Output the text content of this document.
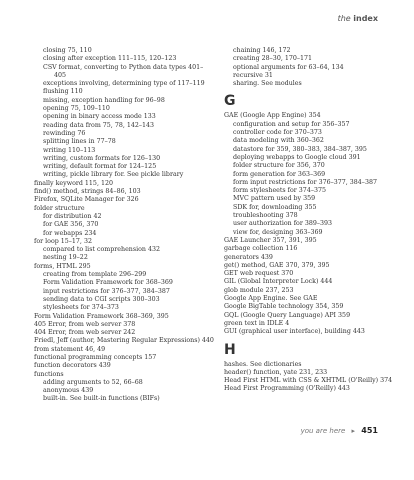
the index
closing 75, 110
closing after exception 111–115, 120–123
CSV format, converting to Python data types 401–
405
exceptions involving, determining type of 117–119
flushing 110
missing, exception handling for 96–98
opening 75, 109–110
opening in binary access mode 133
reading data from 75, 78, 142–143
rewinding 76
splitting lines in 77–78
writing 110–113
writing, custom formats for 126–130
writing, default format for 124–125
writing, pickle library for. See pickle library
finally keyword 115, 120
find() method, strings 84–86, 103
Firefox, SQLite Manager for 326
folder structure
for distribution 42
for GAE 356, 370
for webapps 234
for loop 15–17, 32
compared to list comprehension 432
nesting 19–22
forms, HTML 295
creating from template 296–299
Form Validation Framework for 368–369
input restrictions for 376–377, 384–387
sending data to CGI scripts 300–303
stylesheets for 374–373
Form Validation Framework 368–369, 395
405 Error, from web server 378
404 Error, from web server 242
Friedl, Jeff (author, Mastering Regular Expressions) 440
from statement 46, 49
functional programming concepts 157
function decorators 439
functions
adding arguments to 52, 66–68
anonymous 439
built-in. See built-in functions (BIFs)
chaining 146, 172
creating 28–30, 170–171
optional arguments for 63–64, 134
recursive 31
sharing. See modules
G
GAE (Google App Engine) 354
configuration and setup for 356–357
controller code for 370–373
data modeling with 360–362
datastore for 359, 380–383, 384–387, 395
deploying webapps to Google cloud 391
folder structure for 356, 370
form generation for 363–369
form input restrictions for 376–377, 384–387
form stylesheets for 374–375
MVC pattern used by 359
SDK for, downloading 355
troubleshooting 378
user authorization for 389–393
view for, designing 363–369
GAE Launcher 357, 391, 395
garbage collection 116
generators 439
get() method, GAE 370, 379, 395
GET web request 370
GIL (Global Interpreter Lock) 444
glob module 237, 253
Google App Engine. See GAE
Google BigTable technology 354, 359
GQL (Google Query Language) API 359
green text in IDLE 4
GUI (graphical user interface), building 443
H
hashes. See dictionaries
header() function, yate 231, 233
Head First HTML with CSS & XHTML (O'Reilly) 374
Head First Programming (O'Reilly) 443
you are here ▸ 451
